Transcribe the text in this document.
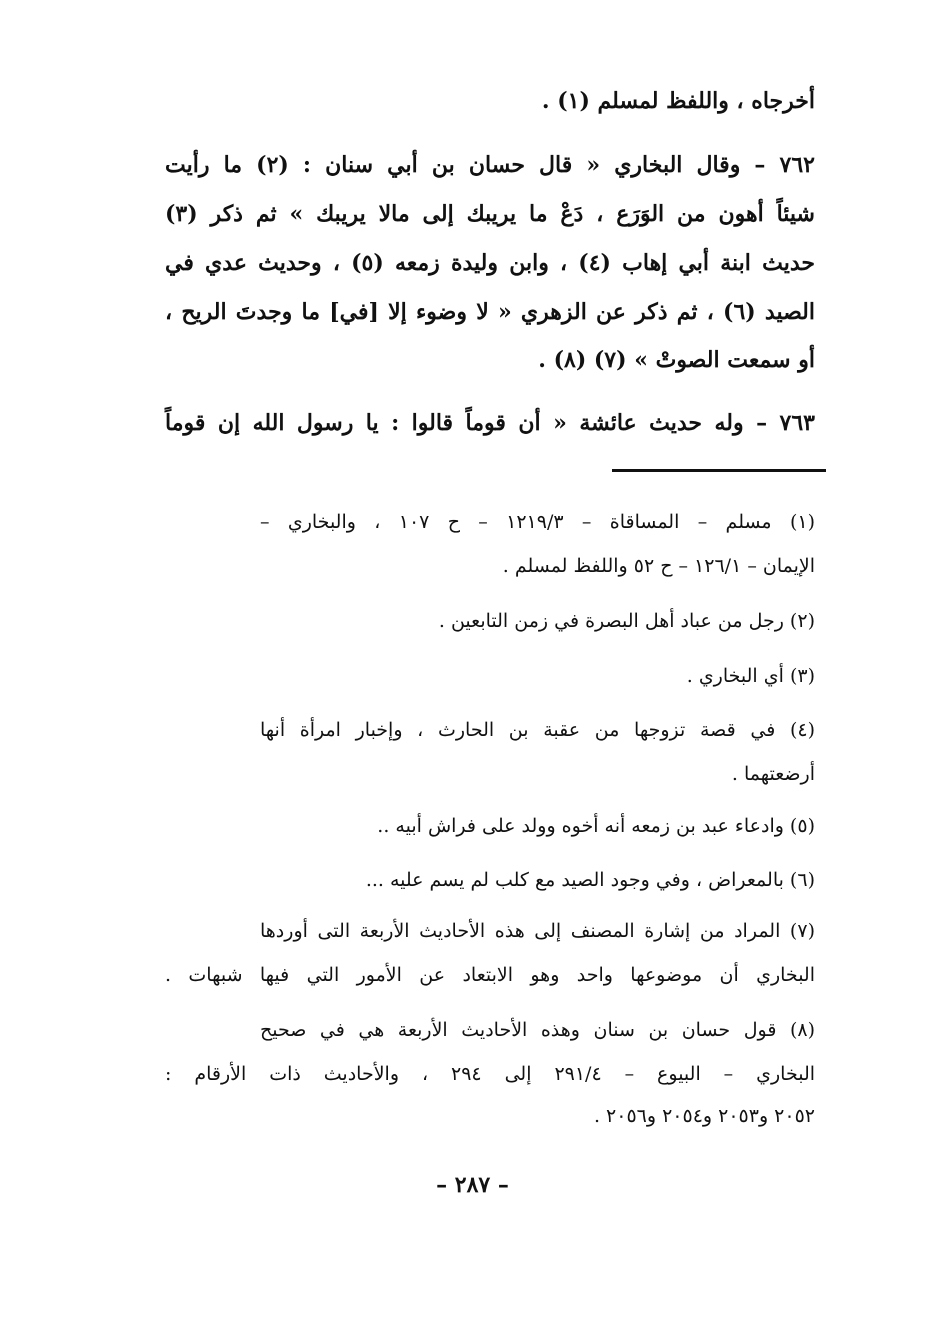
أخرجاه ، واللفظ لمسلم (١) .
٧٦٢ – وقال البخاري « قال حسان بن أبي سنان : (٢) ما رأيت
شيئاً أهون من الوَرَع ، دَعْ ما يريبك إلى مالا يريبك » ثم ذكر (٣)
حديث ابنة أبي إهاب (٤) ، وابن وليدة زمعه (٥) ، وحديث عدي في
الصيد (٦) ، ثم ذكر عن الزهري « لا وضوء إلا [في] ما وجدتَ الريح ،
أو سمعت الصوتْ » (٧) (٨) .
٧٦٣ – وله حديث عائشة « أن قوماً قالوا : يا رسول الله إن قوماً
(١) مسلم – المساقاة – ١٢١٩/٣ – ح ١٠٧ ، والبخاري –
الإيمان – ١٢٦/١ – ح ٥٢ واللفظ لمسلم .
(٢) رجل من عباد أهل البصرة في زمن التابعين .
(٣) أي البخاري .
(٤) في قصة تزوجها من عقبة بن الحارث ، وإخبار امرأة أنها
أرضعتهما .
(٥) وادعاء عبد بن زمعه أنه أخوه وولد على فراش أبيه ..
(٦) بالمعراض ، وفي وجود الصيد مع كلب لم يسم عليه ...
(٧) المراد من إشارة المصنف إلى هذه الأحاديث الأربعة التى أوردها
البخاري أن موضوعها واحد وهو الابتعاد عن الأمور التي فيها شبهات .
(٨) قول حسان بن سنان وهذه الأحاديث الأربعة هي في صحيح
البخاري – البيوع – ٢٩١/٤ إلى ٢٩٤ ، والأحاديث ذات الأرقام :
٢٠٥٢ و٢٠٥٣ و٢٠٥٤ و٢٠٥٦ .
– ٢٨٧ –
